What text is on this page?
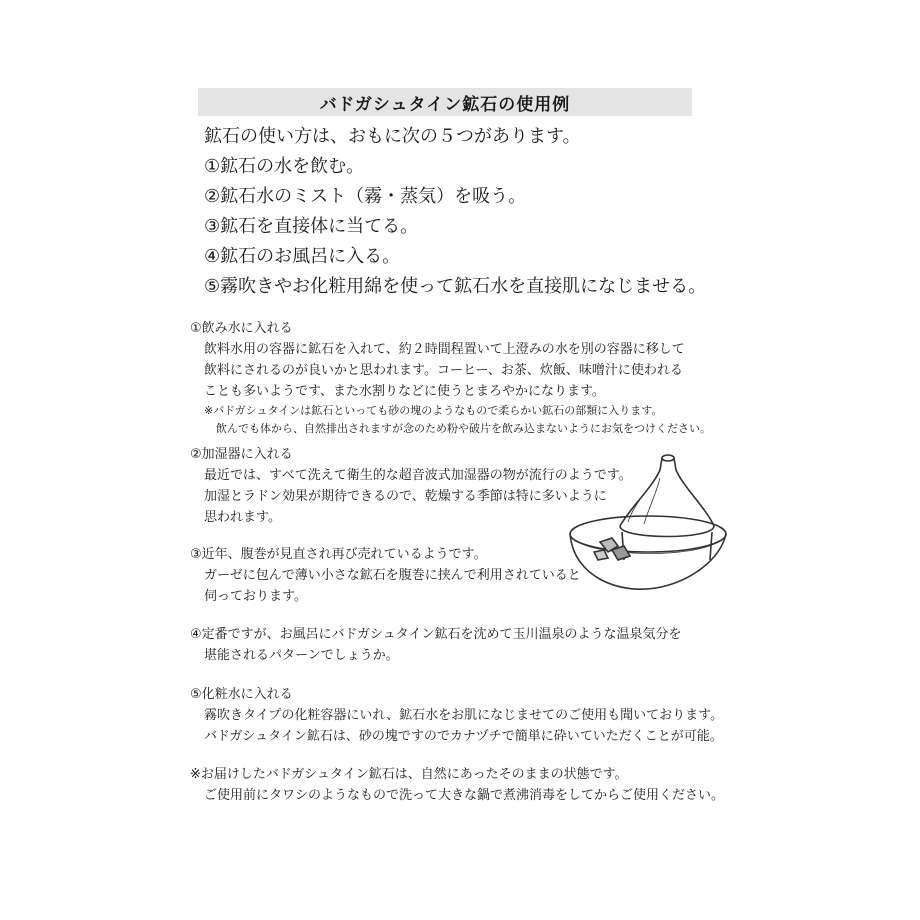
バドガシュタイン鉱石の使用例
鉱石の使い方は、おもに次の５つがあります。
①鉱石の水を飲む。
②鉱石水のミスト（霧・蒸気）を吸う。
③鉱石を直接体に当てる。
④鉱石のお風呂に入る。
⑤霧吹きやお化粧用綿を使って鉱石水を直接肌になじませる。
①飲み水に入れる
飲料水用の容器に鉱石を入れて、約２時間程置いて上澄みの水を別の容器に移して
飲料にされるのが良いかと思われます。コーヒー、お茶、炊飯、味噌汁に使われる
ことも多いようです、また水割りなどに使うとまろやかになります。
※バドガシュタインは鉱石といっても砂の塊のようなもので柔らかい鉱石の部類に入ります。
飲んでも体から、自然排出されますが念のため粉や破片を飲み込まないようにお気をつけください。
②加湿器に入れる
最近では、すべて洗えて衛生的な超音波式加湿器の物が流行のようです。
加湿とラドン効果が期待できるので、乾燥する季節は特に多いように
思われます。
③近年、腹巻が見直され再び売れているようです。
ガーゼに包んで薄い小さな鉱石を腹巻に挟んで利用されていると
伺っております。
④定番ですが、お風呂にバドガシュタイン鉱石を沈めて玉川温泉のような温泉気分を
堪能されるパターンでしょうか。
⑤化粧水に入れる
霧吹きタイプの化粧容器にいれ、鉱石水をお肌になじませてのご使用も聞いております。
バドガシュタイン鉱石は、砂の塊ですのでカナヅチで簡単に砕いていただくことが可能。
※お届けしたバドガシュタイン鉱石は、自然にあったそのままの状態です。
ご使用前にタワシのようなもので洗って大きな鍋で煮沸消毒をしてからご使用ください。
